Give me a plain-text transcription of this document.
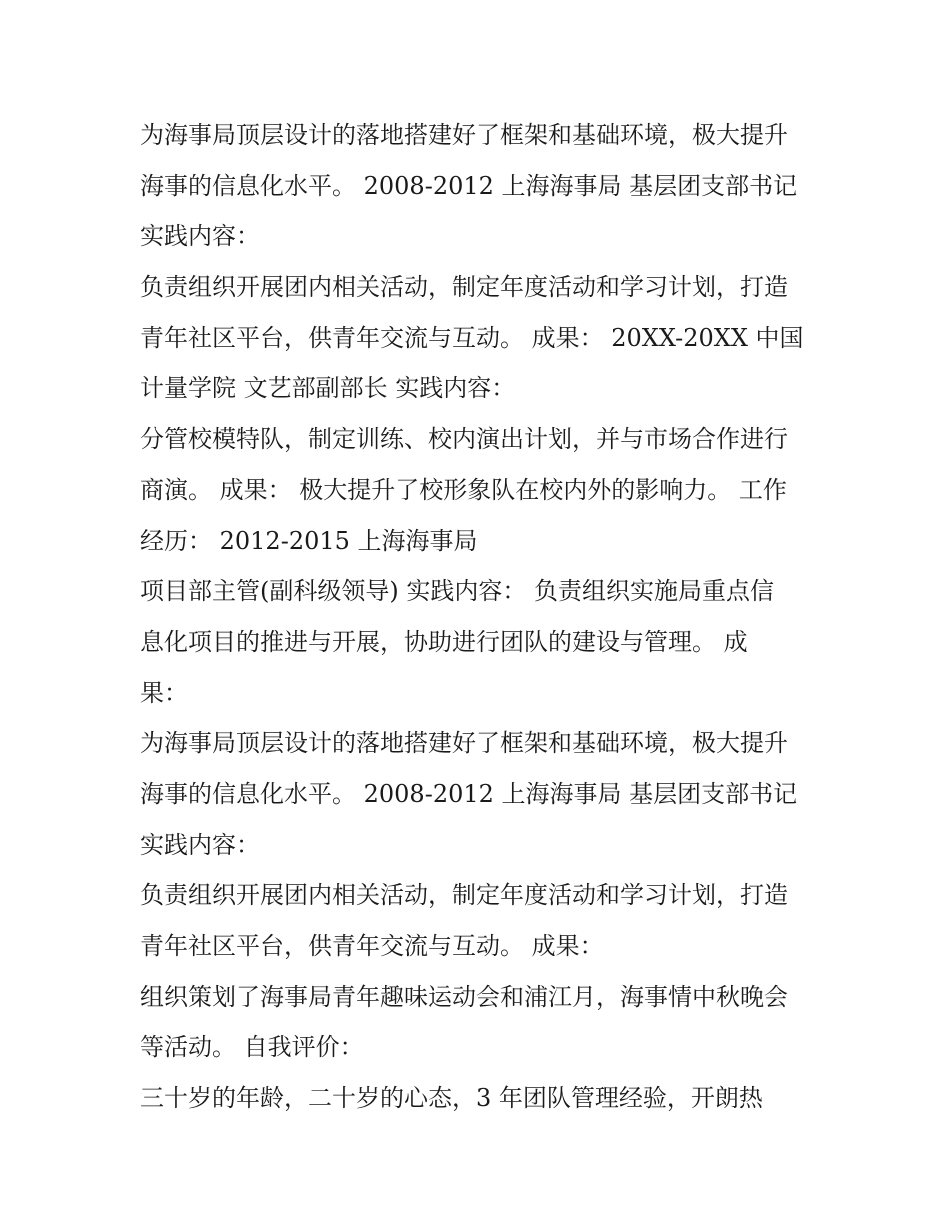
为海事局顶层设计的落地搭建好了框架和基础环境，极大提升
海事的信息化水平。 2008-2012 上海海事局 基层团支部书记
实践内容：
负责组织开展团内相关活动，制定年度活动和学习计划，打造
青年社区平台，供青年交流与互动。 成果： 20XX-20XX 中国
计量学院 文艺部副部长 实践内容：
分管校模特队，制定训练、校内演出计划，并与市场合作进行
商演。 成果： 极大提升了校形象队在校内外的影响力。 工作
经历： 2012-2015 上海海事局
项目部主管(副科级领导) 实践内容： 负责组织实施局重点信
息化项目的推进与开展，协助进行团队的建设与管理。 成
果：
为海事局顶层设计的落地搭建好了框架和基础环境，极大提升
海事的信息化水平。 2008-2012 上海海事局 基层团支部书记
实践内容：
负责组织开展团内相关活动，制定年度活动和学习计划，打造
青年社区平台，供青年交流与互动。 成果：
组织策划了海事局青年趣味运动会和浦江月，海事情中秋晚会
等活动。 自我评价：
三十岁的年龄，二十岁的心态，3 年团队管理经验，开朗热
